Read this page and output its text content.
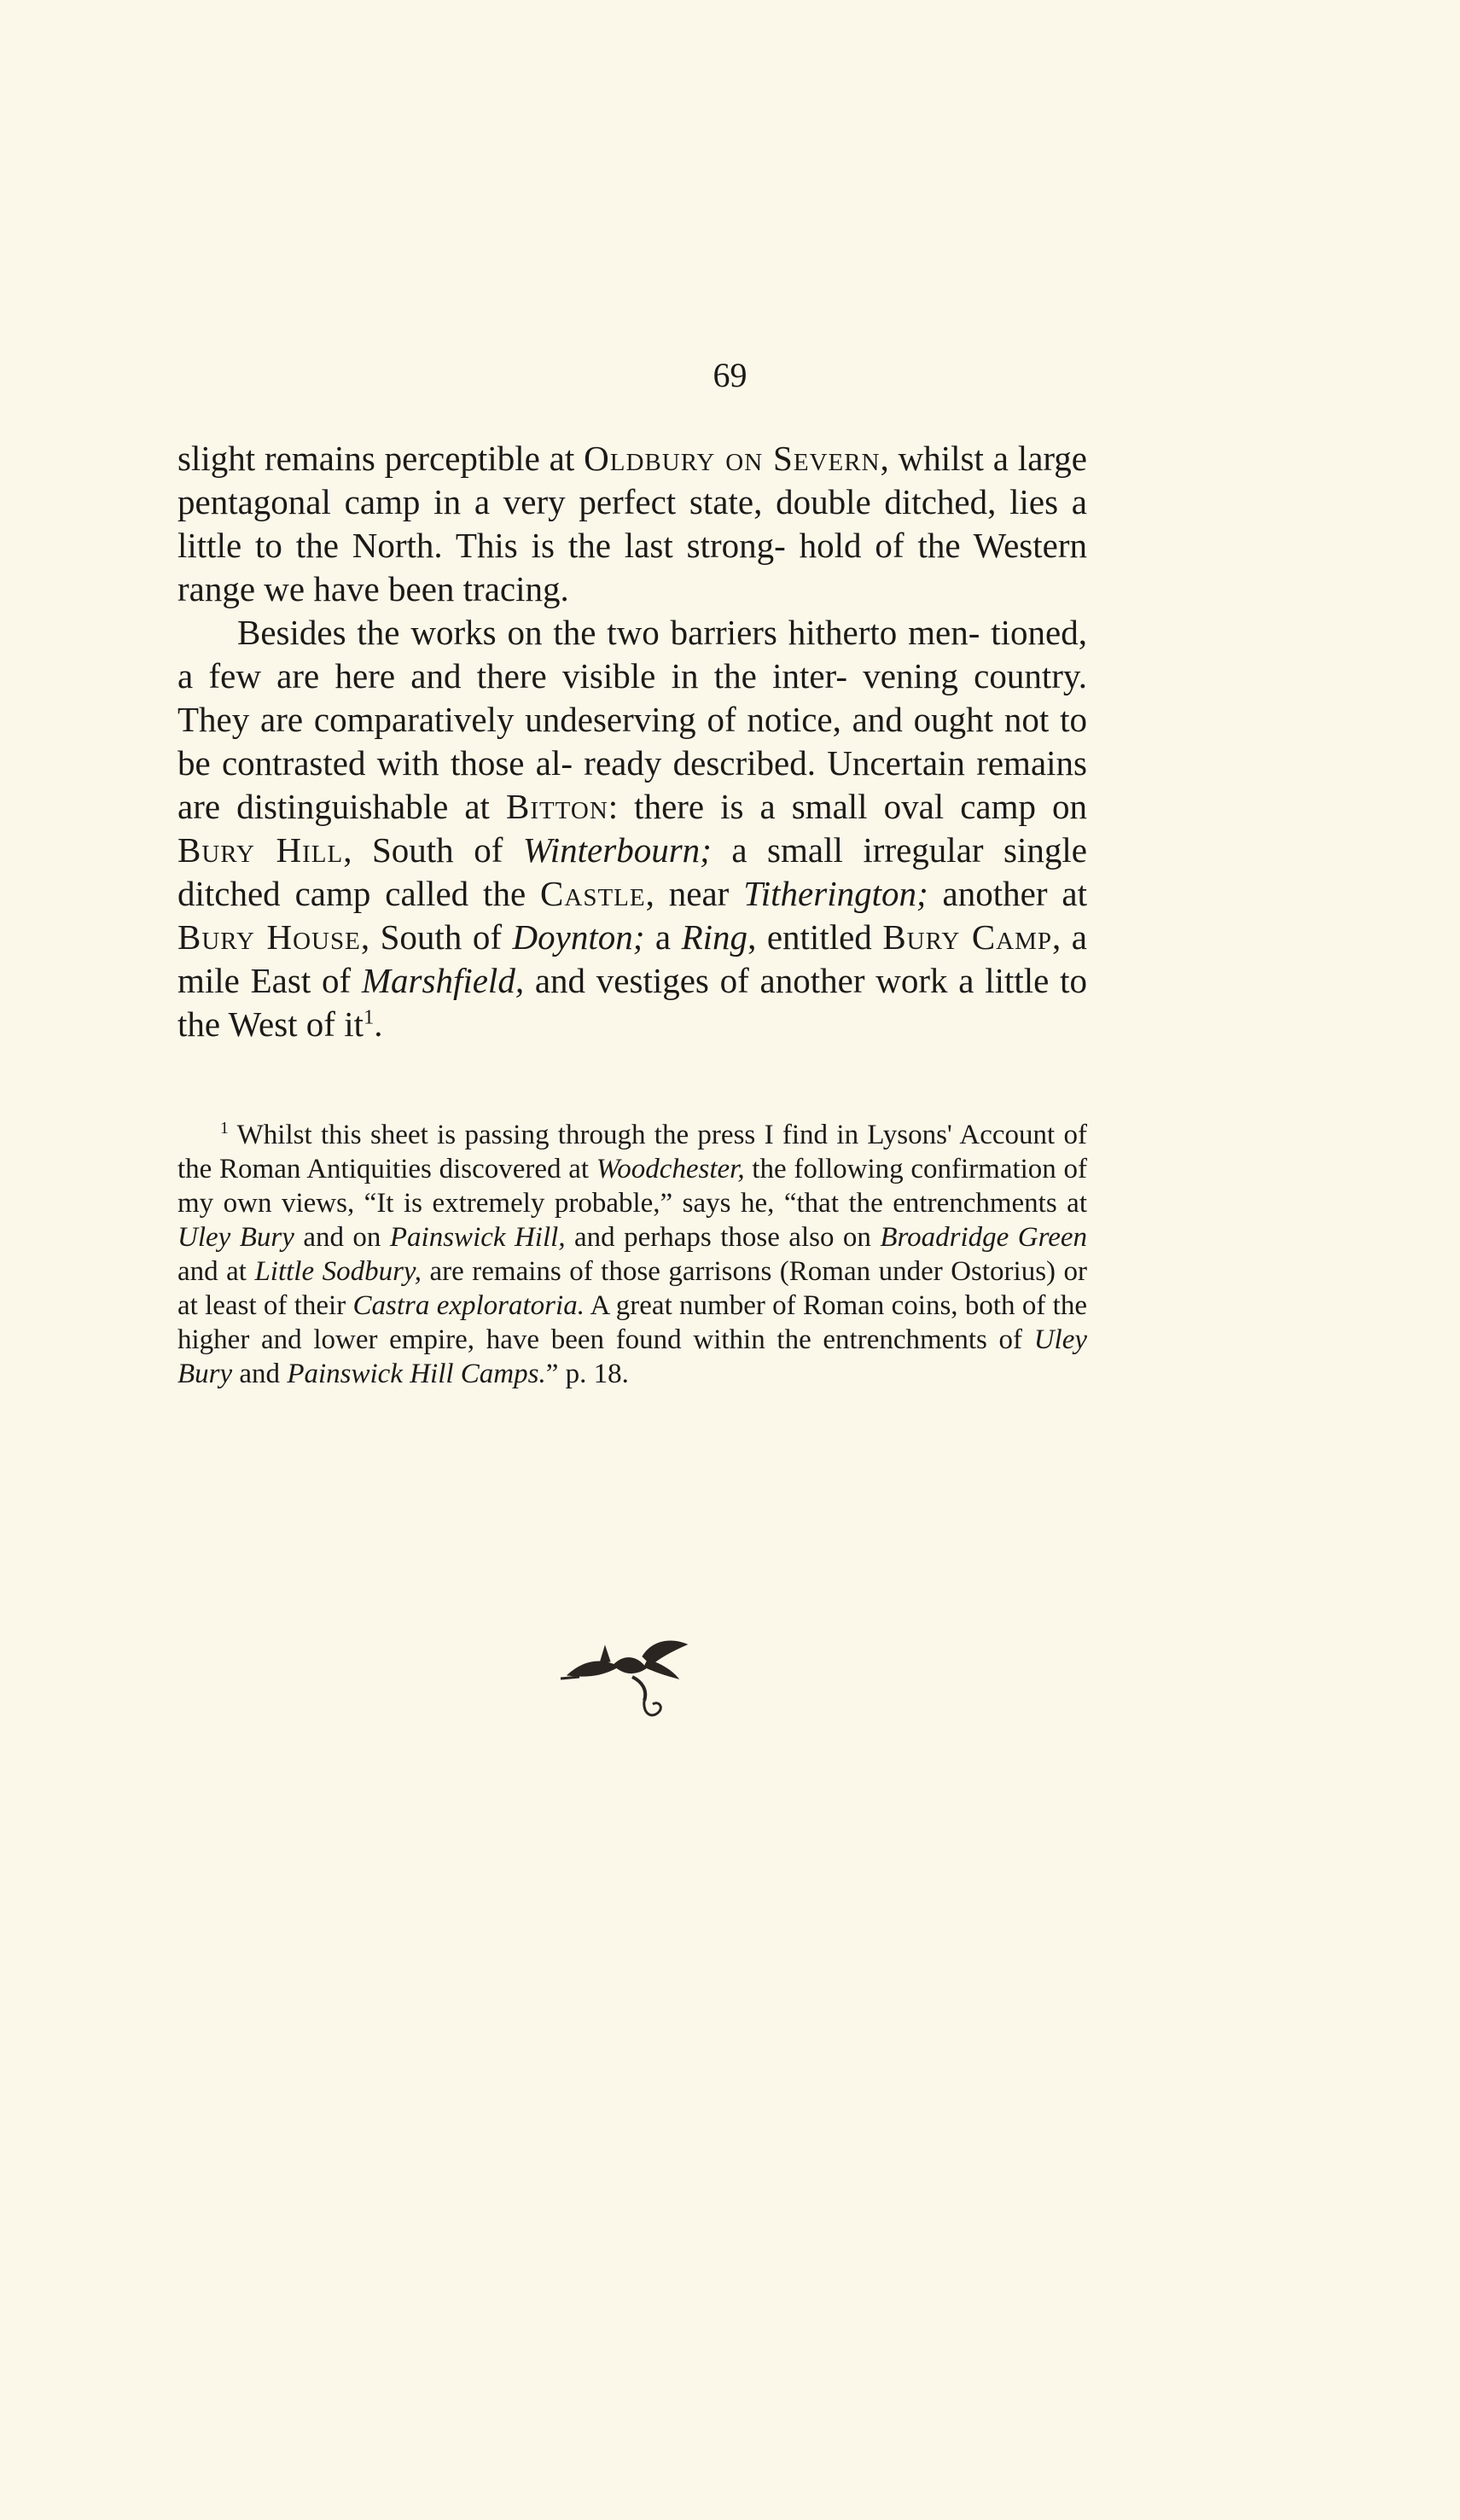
69

slight remains perceptible at Oldbury on Severn, whilst a large pentagonal camp in a very perfect state, double ditched, lies a little to the North. This is the last strong- hold of the Western range we have been tracing.

Besides the works on the two barriers hitherto men- tioned, a few are here and there visible in the inter- vening country. They are comparatively undeserving of notice, and ought not to be contrasted with those al- ready described. Uncertain remains are distinguishable at Bitton: there is a small oval camp on Bury Hill, South of Winterbourn; a small irregular single ditched camp called the Castle, near Titherington; another at Bury House, South of Doynton; a Ring, entitled Bury Camp, a mile East of Marshfield, and vestiges of another work a little to the West of $it^1$.

$^1$ Whilst this sheet is passing through the press I find in Lysons' Account of the Roman Antiquities discovered at Woodchester, the following confirmation of my own views, “It is extremely probable,” says he, “that the entrenchments at Uley Bury and on Painswick Hill, and perhaps those also on Broadridge Green and at Little Sodbury, are remains of those garrisons (Roman under Ostorius) or at least of their Castra exploratoria. A great number of Roman coins, both of the higher and lower empire, have been found within the entrenchments of Uley Bury and Painswick Hill Camps.” p. 18.
